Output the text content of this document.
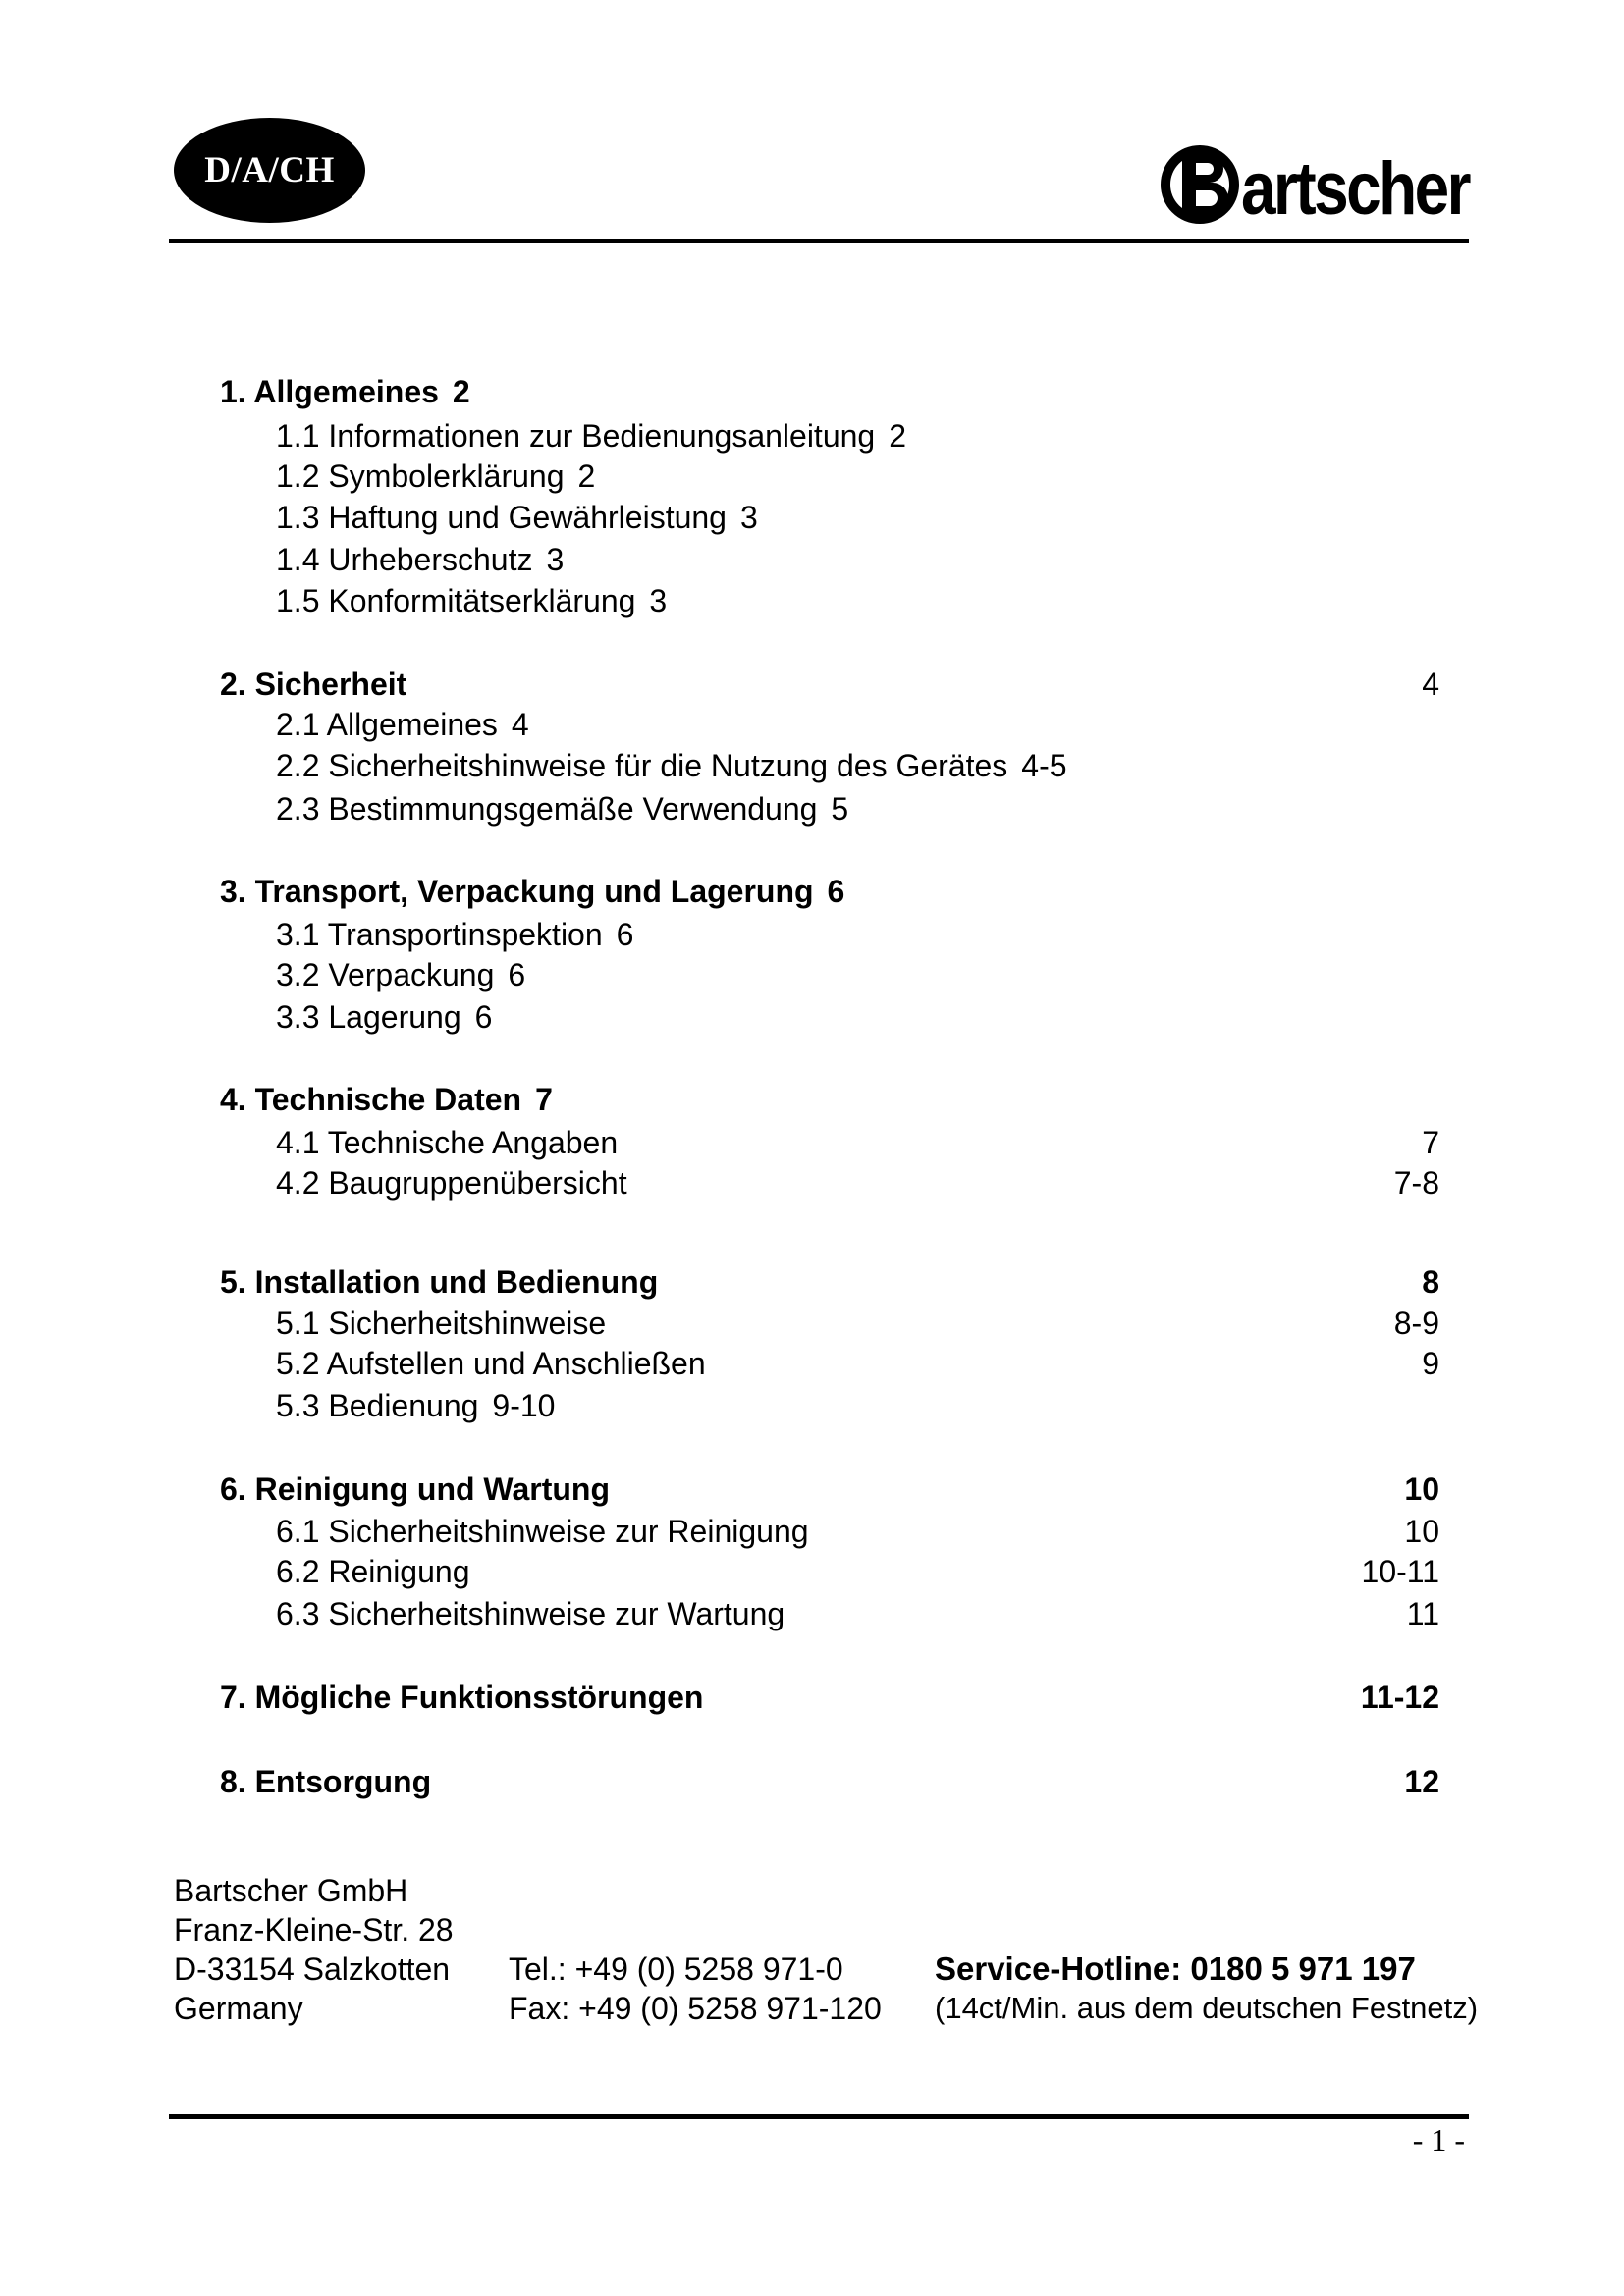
D/A/CH	artscher
1. Allgemeines 2
1.1 Informationen zur Bedienungsanleitung 2
1.2 Symbolerklärung 2
1.3 Haftung und Gewährleistung 3
1.4 Urheberschutz 3
1.5 Konformitätserklärung 3
2. Sicherheit	4
2.1 Allgemeines 4
2.2 Sicherheitshinweise für die Nutzung des Gerätes 4-5
2.3 Bestimmungsgemäße Verwendung 5
3. Transport, Verpackung und Lagerung 6
3.1 Transportinspektion 6
3.2 Verpackung 6
3.3 Lagerung 6
4. Technische Daten 7
4.1 Technische Angaben	7
4.2 Baugruppenübersicht	7-8
5. Installation und Bedienung	8
5.1 Sicherheitshinweise	8-9
5.2 Aufstellen und Anschließen	9
5.3 Bedienung 9-10
6. Reinigung und Wartung	10
6.1 Sicherheitshinweise zur Reinigung	10
6.2 Reinigung	10-11
6.3 Sicherheitshinweise zur Wartung	11
7. Mögliche Funktionsstörungen	11-12
8. Entsorgung	12
Bartscher GmbH
Franz-Kleine-Str. 28
D-33154 Salzkotten
Germany
Tel.: +49 (0) 5258 971-0
Fax: +49 (0) 5258 971-120
Service-Hotline: 0180 5 971 197
(14ct/Min. aus dem deutschen Festnetz)
- 1 -
